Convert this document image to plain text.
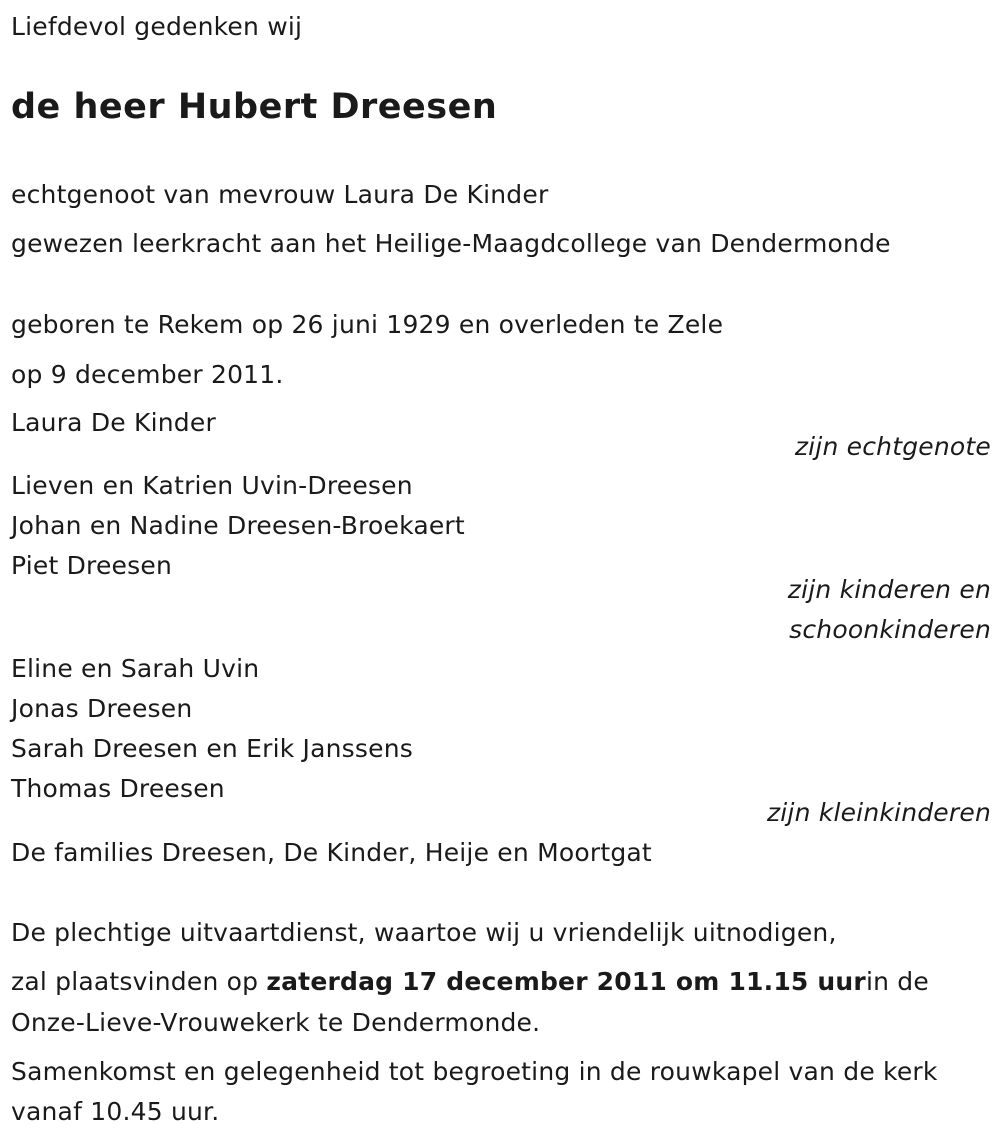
Liefdevol gedenken wij
de heer Hubert Dreesen
echtgenoot van mevrouw Laura De Kinder
gewezen leerkracht aan het Heilige-Maagdcollege van Dendermonde
geboren te Rekem op 26 juni 1929 en overleden te Zele
op 9 december 2011.
Laura De Kinder
zijn echtgenote
Lieven en Katrien Uvin-Dreesen
Johan en Nadine Dreesen-Broekaert
Piet Dreesen
zijn kinderen en
schoonkinderen
Eline en Sarah Uvin
Jonas Dreesen
Sarah Dreesen en Erik Janssens
Thomas Dreesen
zijn kleinkinderen
De families Dreesen, De Kinder, Heije en Moortgat
De plechtige uitvaartdienst, waartoe wij u vriendelijk uitnodigen,
zal plaatsvinden op zaterdag 17 december 2011 om 11.15 uurin de
Onze-Lieve-Vrouwekerk te Dendermonde.
Samenkomst en gelegenheid tot begroeting in de rouwkapel van de kerk
vanaf 10.45 uur.
